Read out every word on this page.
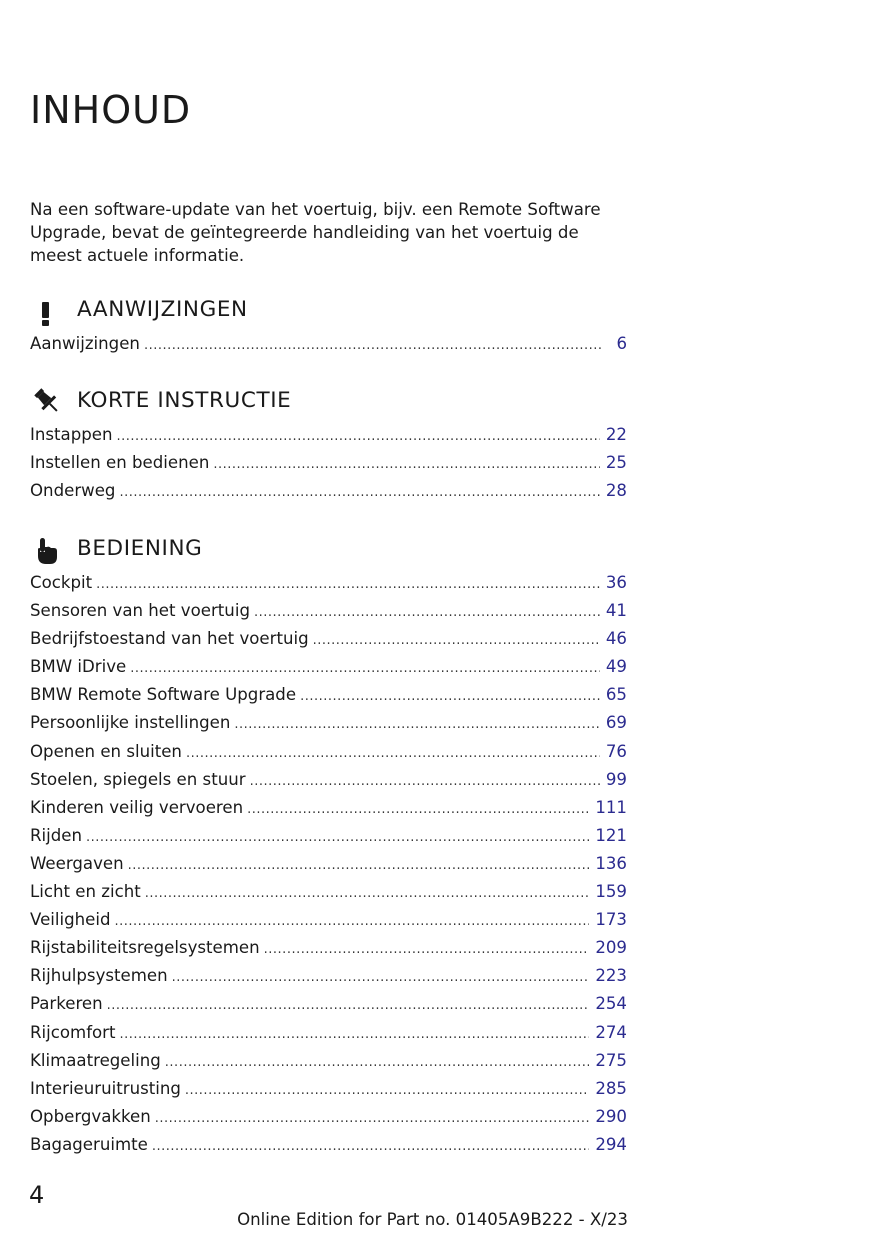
INHOUD

Na een software-update van het voertuig, bijv. een Remote Software Upgrade, bevat de geïntegreerde handleiding van het voertuig de meest actuele informatie.

AANWIJZINGEN
Aanwijzingen .....	6
KORTE INSTRUCTIE
Instappen .....	22
Instellen en bedienen .....	25
Onderweg .....	28
BEDIENING
Cockpit .....	36
Sensoren van het voertuig .....	41
Bedrijfstoestand van het voertuig .....	46
BMW iDrive .....	49
BMW Remote Software Upgrade .....	65
Persoonlijke instellingen .....	69
Openen en sluiten .....	76
Stoelen, spiegels en stuur .....	99
Kinderen veilig vervoeren .....	111
Rijden .....	121
Weergaven .....	136
Licht en zicht .....	159
Veiligheid .....	173
Rijstabiliteitsregelsystemen .....	209
Rijhulpsystemen .....	223
Parkeren .....	254
Rijcomfort .....	274
Klimaatregeling .....	275
Interieuruitrusting .....	285
Opbergvakken .....	290
Bagageruimte .....	294
4
Online Edition for Part no. 01405A9B222 - X/23
